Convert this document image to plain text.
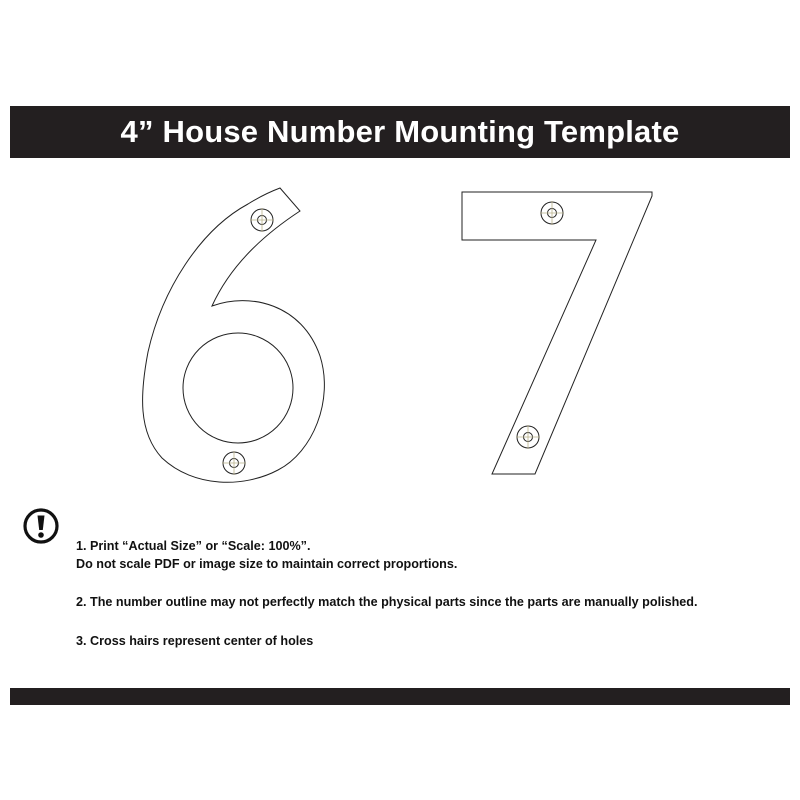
4” House Number Mounting Template

1. Print “Actual Size” or “Scale: 100%”.

Do not scale PDF or image size to maintain correct proportions.

2. The number outline may not perfectly match the physical parts since the parts are manually polished.

3. Cross hairs represent center of holes
